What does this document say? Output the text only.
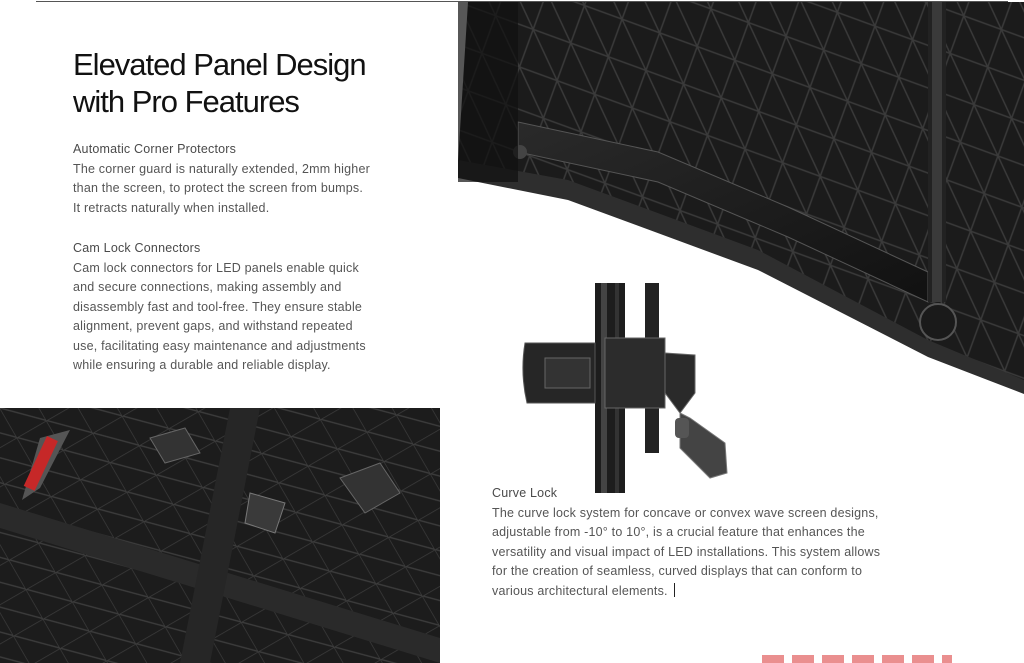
Elevated Panel Design
with Pro Features

Automatic Corner Protectors

The corner guard is naturally extended, 2mm higher

than the screen, to protect the screen from bumps.

It retracts naturally when installed.

Cam Lock Connectors

Cam lock connectors for LED panels enable quick

and secure connections, making assembly and

disassembly fast and tool-free. They ensure stable

alignment, prevent gaps, and withstand repeated

use, facilitating easy maintenance and adjustments

while ensuring a durable and reliable display.

Curve Lock

The curve lock system for concave or convex wave screen designs,

adjustable from -10° to 10°, is a crucial feature that enhances the

versatility and visual impact of LED installations. This system allows

for the creation of seamless, curved displays that can conform to

various architectural elements.
